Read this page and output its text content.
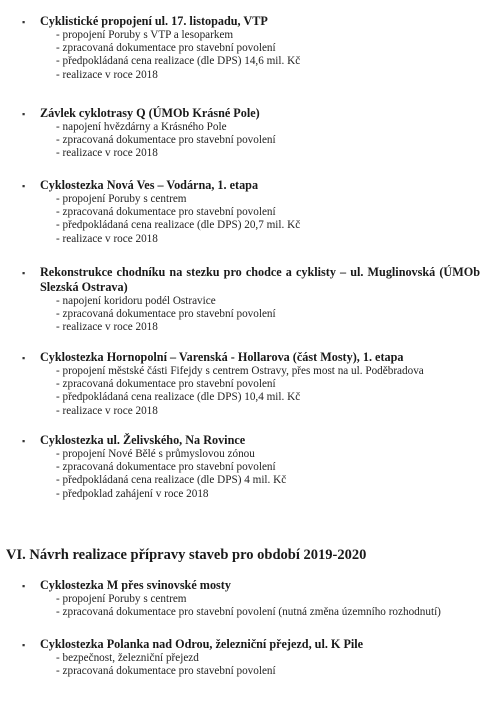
▪ Cyklistické propojení ul. 17. listopadu, VTP
- propojení Poruby s VTP a lesoparkem
- zpracovaná dokumentace pro stavební povolení
- předpokládaná cena realizace (dle DPS) 14,6 mil. Kč
- realizace v roce 2018
▪ Závlek cyklotrasy Q (ÚMOb Krásné Pole)
- napojení hvězdárny a Krásného Pole
- zpracovaná dokumentace pro stavební povolení
- realizace v roce 2018
▪ Cyklostezka Nová Ves – Vodárna, 1. etapa
- propojení Poruby s centrem
- zpracovaná dokumentace pro stavební povolení
- předpokládaná cena realizace (dle DPS) 20,7 mil. Kč
- realizace v roce 2018
▪ Rekonstrukce chodníku na stezku pro chodce a cyklisty – ul. Muglinovská (ÚMOb Slezská Ostrava)
- napojení koridoru podél Ostravice
- zpracovaná dokumentace pro stavební povolení
- realizace v roce 2018
▪ Cyklostezka Hornopolní – Varenská - Hollarova (část Mosty), 1. etapa
- propojení městské části Fifejdy s centrem Ostravy, přes most na ul. Poděbradova
- zpracovaná dokumentace pro stavební povolení
- předpokládaná cena realizace (dle DPS) 10,4 mil. Kč
- realizace v roce 2018
▪ Cyklostezka ul. Želivského, Na Rovince
- propojení Nové Bělé s průmyslovou zónou
- zpracovaná dokumentace pro stavební povolení
- předpokládaná cena realizace (dle DPS) 4 mil. Kč
- předpoklad zahájení v roce 2018
VI. Návrh realizace přípravy staveb pro období 2019-2020
▪ Cyklostezka M přes svinovské mosty
- propojení Poruby s centrem
- zpracovaná dokumentace pro stavební povolení (nutná změna územního rozhodnutí)
▪ Cyklostezka Polanka nad Odrou, železniční přejezd, ul. K Pile
- bezpečnost, železniční přejezd
- zpracovaná dokumentace pro stavební povolení
